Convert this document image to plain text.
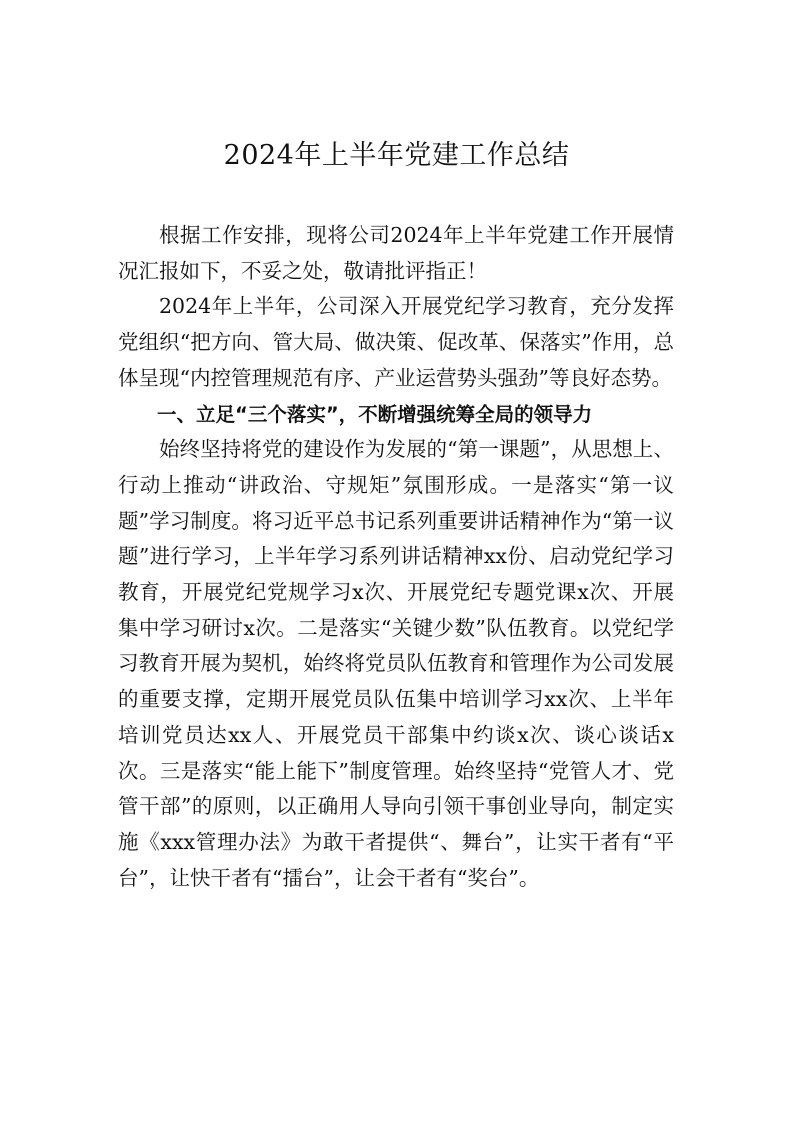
2024年上半年党建工作总结

根据工作安排，现将公司2024年上半年党建工作开展情况汇报如下，不妥之处，敬请批评指正！

2024年上半年，公司深入开展党纪学习教育，充分发挥党组织“把方向、管大局、做决策、促改革、保落实”作用，总体呈现“内控管理规范有序、产业运营势头强劲”等良好态势。

一、立足“三个落实”，不断增强统筹全局的领导力

始终坚持将党的建设作为发展的“第一课题”，从思想上、行动上推动“讲政治、守规矩”氛围形成。一是落实“第一议题”学习制度。将习近平总书记系列重要讲话精神作为“第一议题”进行学习，上半年学习系列讲话精神xx份、启动党纪学习教育，开展党纪党规学习x次、开展党纪专题党课x次、开展集中学习研讨x次。二是落实“关键少数”队伍教育。以党纪学习教育开展为契机，始终将党员队伍教育和管理作为公司发展的重要支撑，定期开展党员队伍集中培训学习xx次、上半年培训党员达xx人、开展党员干部集中约谈x次、谈心谈话x次。三是落实“能上能下”制度管理。始终坚持“党管人才、党管干部”的原则，以正确用人导向引领干事创业导向，制定实施《xxx管理办法》为敢干者提供“、舞台”，让实干者有“平台”，让快干者有“擂台”，让会干者有“奖台”。
